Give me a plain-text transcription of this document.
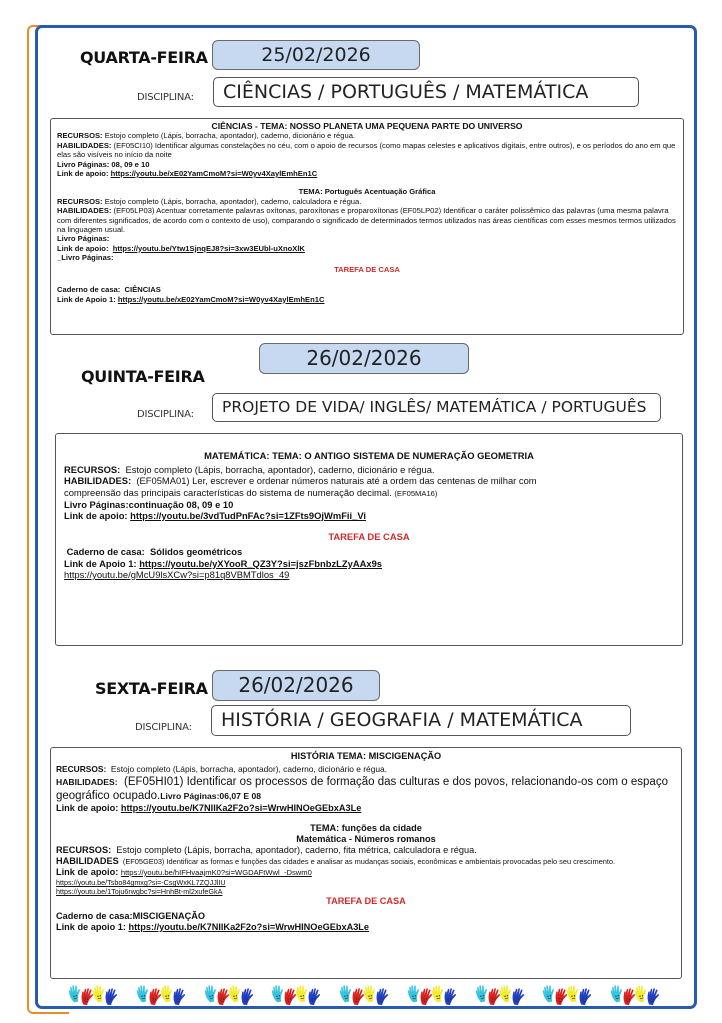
QUARTA-FEIRA	25/02/2026
DISCIPLINA:	CIÊNCIAS / PORTUGUÊS / MATEMÁTICA
CIÊNCIAS - TEMA: NOSSO PLANETA UMA PEQUENA PARTE DO UNIVERSO
RECURSOS: Estojo completo (Lápis, borracha, apontador), caderno, dicionário e régua.
HABILIDADES: (EF05CI10) Identificar algumas constelações no céu, com o apoio de recursos (como mapas celestes e aplicativos digitais, entre outros), e os períodos do ano em que elas são visíveis no início da noite
Livro Páginas: 08, 09 e 10
Link de apoio: https://youtu.be/xE02YamCmoM?si=W0yv4XaylEmhEn1C
TEMA: Português Acentuação Gráfica
RECURSOS: Estojo completo (Lápis, borracha, apontador), caderno, calculadora e régua.
HABILIDADES: (EF05LP03) Acentuar corretamente palavras oxítonas, paroxítonas e proparoxítonas (EF05LP02) Identificar o caráter polissêmico das palavras (uma mesma palavra com diferentes significados, de acordo com o contexto de uso), comparando o significado de determinados termos utilizados nas áreas científicas com esses mesmos termos utilizados na linguagem usual.
Livro Páginas:
Link de apoio: https://youtu.be/Ytw1SjnqEJ8?si=3xw3EUbl-uXnoXlK
_Livro Páginas:
TAREFA DE CASA
Caderno de casa: CIÊNCIAS
Link de Apoio 1: https://youtu.be/xE02YamCmoM?si=W0yv4XaylEmhEn1C
QUINTA-FEIRA
26/02/2026
DISCIPLINA:	PROJETO DE VIDA/ INGLÊS/ MATEMÁTICA / PORTUGUÊS
MATEMÁTICA: TEMA: O ANTIGO SISTEMA DE NUMERAÇÃO GEOMETRIA
RECURSOS: Estojo completo (Lápis, borracha, apontador), caderno, dicionário e régua.
HABILIDADES: (EF05MA01) Ler, escrever e ordenar números naturais até a ordem das centenas de milhar com compreensão das principais características do sistema de numeração decimal. (EF05MA16)
Livro Páginas:continuação 08, 09 e 10
Link de apoio: https://youtu.be/3vdTudPnFAc?si=1ZFts9OjWmFii_Vi
TAREFA DE CASA
Caderno de casa: Sólidos geométricos
Link de Apoio 1: https://youtu.be/yXYooR_QZ3Y?si=jszFbnbzLZyAAx9s
https://youtu.be/gMcU9lsXCw?si=p81q8VBMTdlos_49
SEXTA-FEIRA	26/02/2026
DISCIPLINA:	HISTÓRIA / GEOGRAFIA / MATEMÁTICA
HISTÓRIA TEMA: MISCIGENAÇÃO
RECURSOS: Estojo completo (Lápis, borracha, apontador), caderno, dicionário e régua.
HABILIDADES: (EF05HI01) Identificar os processos de formação das culturas e dos povos, relacionando-os com o espaço geográfico ocupado.Livro Páginas:06,07 E 08
Link de apoio: https://youtu.be/K7NIlKa2F2o?si=WrwHINOeGEbxA3Le
TEMA: funções da cidade
Matemática - Números romanos
RECURSOS: Estojo completo (Lápis, borracha, apontador), caderno, fita métrica, calculadora e régua.
HABILIDADES (EF05GE03) Identificar as formas e funções das cidades e analisar as mudanças sociais, econômicas e ambientais provocadas pelo seu crescimento.
Link de apoio: https://youtu.be/hIFHvaajmK0?si=WGDAFtWwl_-Dswm0
https://youtu.be/Tsbo84gmxg?si=-CsgWxKL7ZQJJlIU
https://youtu.be/1Toju6rwgbc?si=HnhBt-ml2xufeGkA
TAREFA DE CASA
Caderno de casa:MISCIGENAÇÃO
Link de apoio 1: https://youtu.be/K7NIlKa2F2o?si=WrwHINOeGEbxA3Le
